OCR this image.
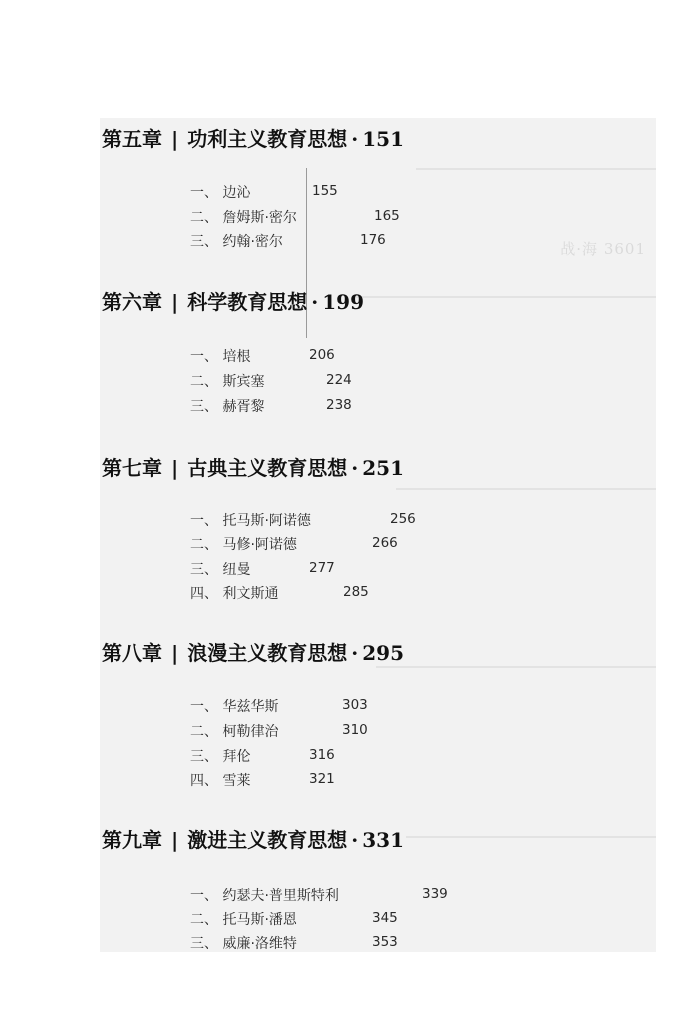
战·海 3601
第五章 | 功利主义教育思想 · 151
一、 边沁	155
二、 詹姆斯·密尔	165
三、 约翰·密尔	176
第六章 | 科学教育思想 · 199
一、 培根	206
二、 斯宾塞	224
三、 赫胥黎	238
第七章 | 古典主义教育思想 · 251
一、 托马斯·阿诺德	256
二、 马修·阿诺德	266
三、 纽曼	277
四、 利文斯通	285
第八章 | 浪漫主义教育思想 · 295
一、 华兹华斯	303
二、 柯勒律治	310
三、 拜伦	316
四、 雪莱	321
第九章 | 激进主义教育思想 · 331
一、 约瑟夫·普里斯特利	339
二、 托马斯·潘恩	345
三、 威廉·洛维特	353
